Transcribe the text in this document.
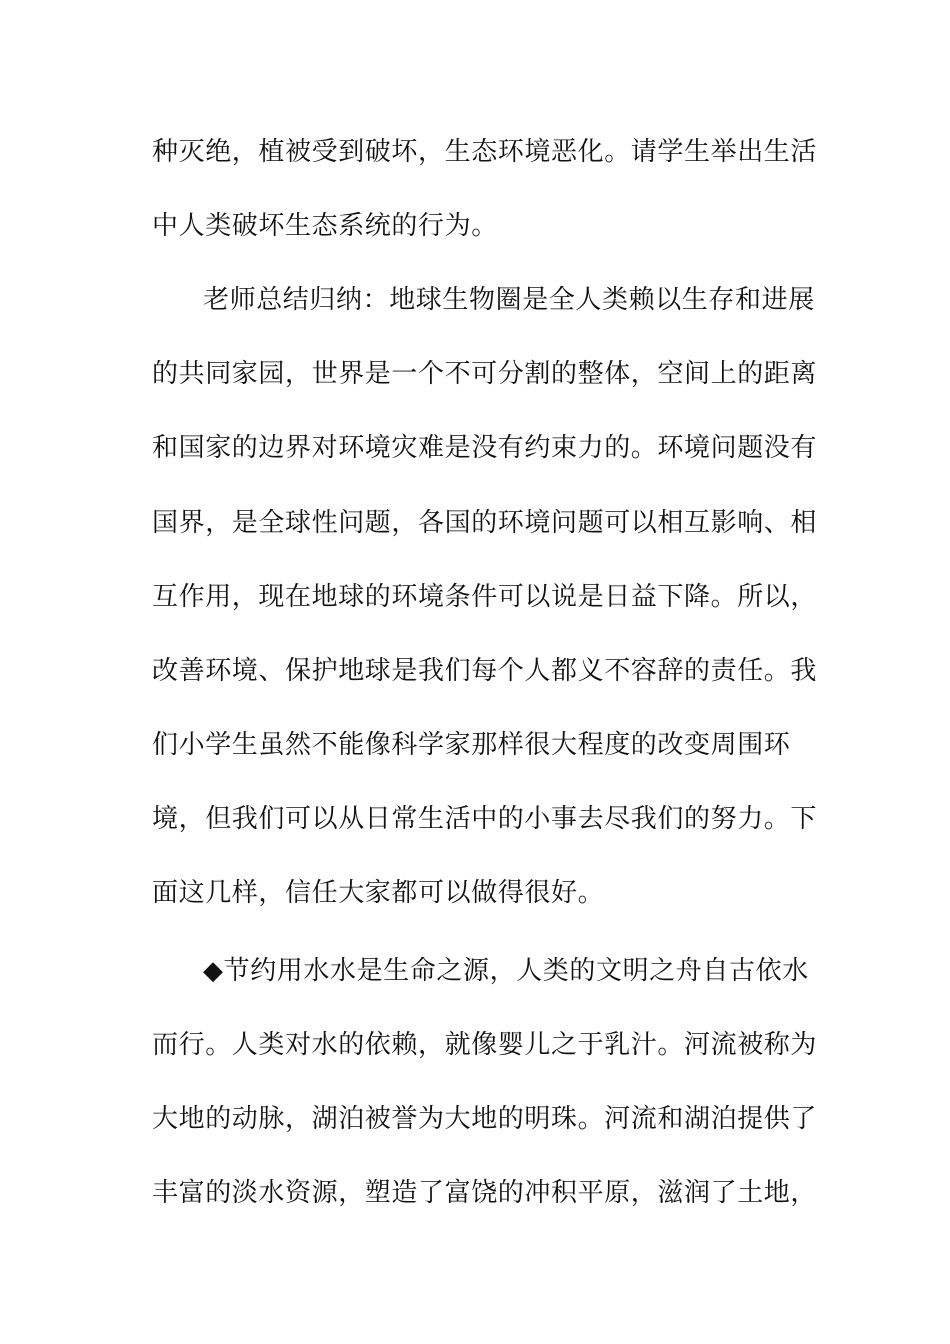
种灭绝，植被受到破坏，生态环境恶化。请学生举出生活
中人类破坏生态系统的行为。
老师总结归纳：地球生物圈是全人类赖以生存和进展
的共同家园，世界是一个不可分割的整体，空间上的距离
和国家的边界对环境灾难是没有约束力的。环境问题没有
国界，是全球性问题，各国的环境问题可以相互影响、相
互作用，现在地球的环境条件可以说是日益下降。所以，
改善环境、保护地球是我们每个人都义不容辞的责任。我
们小学生虽然不能像科学家那样很大程度的改变周围环
境，但我们可以从日常生活中的小事去尽我们的努力。下
面这几样，信任大家都可以做得很好。
◆节约用水水是生命之源，人类的文明之舟自古依水
而行。人类对水的依赖，就像婴儿之于乳汁。河流被称为
大地的动脉，湖泊被誉为大地的明珠。河流和湖泊提供了
丰富的淡水资源，塑造了富饶的冲积平原，滋润了土地，
